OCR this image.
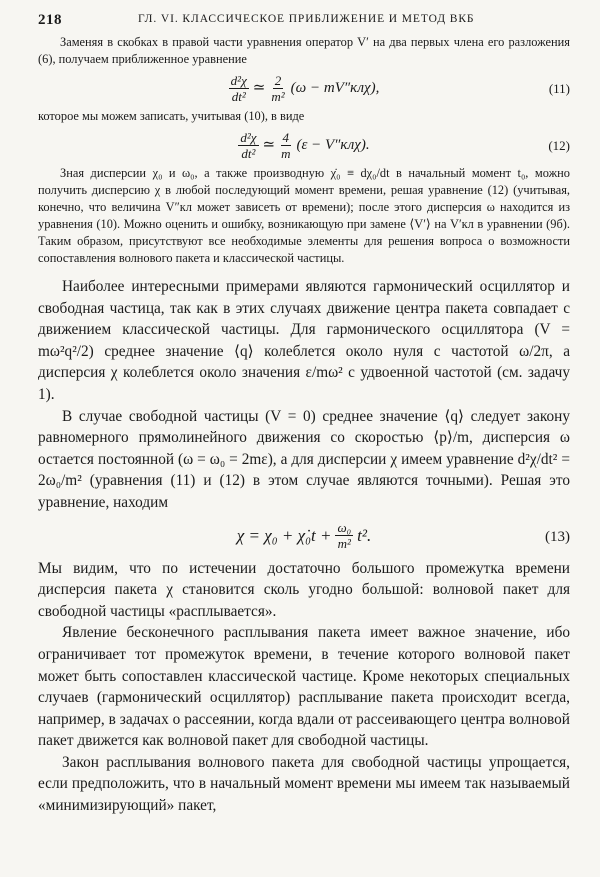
218	ГЛ. VI. КЛАССИЧЕСКОЕ ПРИБЛИЖЕНИЕ И МЕТОД ВКБ

Заменяя в скобках в правой части уравнения оператор V′ на два первых члена его разложения (6), получаем приближенное уравнение

$\frac{\text{d²χ}}{\text{dt²}}$ ≃ $\frac{2}{\text{m²}} (\omega - mV''кл\chi)$,	(11)

которое мы можем записать, учитывая (10), в виде

$\frac{\text{d²χ}}{\text{dt²}}$ ≃ $\frac{4}{m} (\varepsilon - V''кл\chi)$.	(12)

Зная дисперсии χ₀ и ω₀, а также производную χ̇₀ ≡ dχ₀/dt в начальный момент t₀, можно получить дисперсию χ в любой последующий момент времени, решая уравнение (12) (учитывая, конечно, что величина V″кл может зависеть от времени); после этого дисперсия ω находится из уравнения (10). Можно оценить и ошибку, возникающую при замене ⟨V′⟩ на V′кл в уравнении (9б). Таким образом, присутствуют все необходимые элементы для решения вопроса о возможности сопоставления волнового пакета и классической частицы.

Наиболее интересными примерами являются гармонический осциллятор и свободная частица, так как в этих случаях движение центра пакета совпадает с движением классической частицы. Для гармонического осциллятора (V = mω²q²/2) среднее значение ⟨q⟩ колеблется около нуля с частотой ω/2π, а дисперсия χ колеблется около значения ε/mω² с удвоенной частотой (см. задачу 1).

В случае свободной частицы (V = 0) среднее значение ⟨q⟩ следует закону равномерного прямолинейного движения со скоростью ⟨p⟩/m, дисперсия ω остается постоянной (ω = ω₀ = 2mε), а для дисперсии χ имеем уравнение d²χ/dt² = 2ω₀/m² (уравнения (11) и (12) в этом случае являются точными). Решая это уравнение, находим

χ = χ₀ + χ̇₀t + $\frac{\text{ω₀}}{\text{m²}} t^2$.	(13)

Мы видим, что по истечении достаточно большого промежутка времени дисперсия пакета χ становится сколь угодно большой: волновой пакет для свободной частицы «расплывается».

Явление бесконечного расплывания пакета имеет важное значение, ибо ограничивает тот промежуток времени, в течение которого волновой пакет может быть сопоставлен классической частице. Кроме некоторых специальных случаев (гармонический осциллятор) расплывание пакета происходит всегда, например, в задачах о рассеянии, когда вдали от рассеивающего центра волновой пакет движется как волновой пакет для свободной частицы.

Закон расплывания волнового пакета для свободной частицы упрощается, если предположить, что в начальный момент времени мы имеем так называемый «минимизирующий» пакет,
